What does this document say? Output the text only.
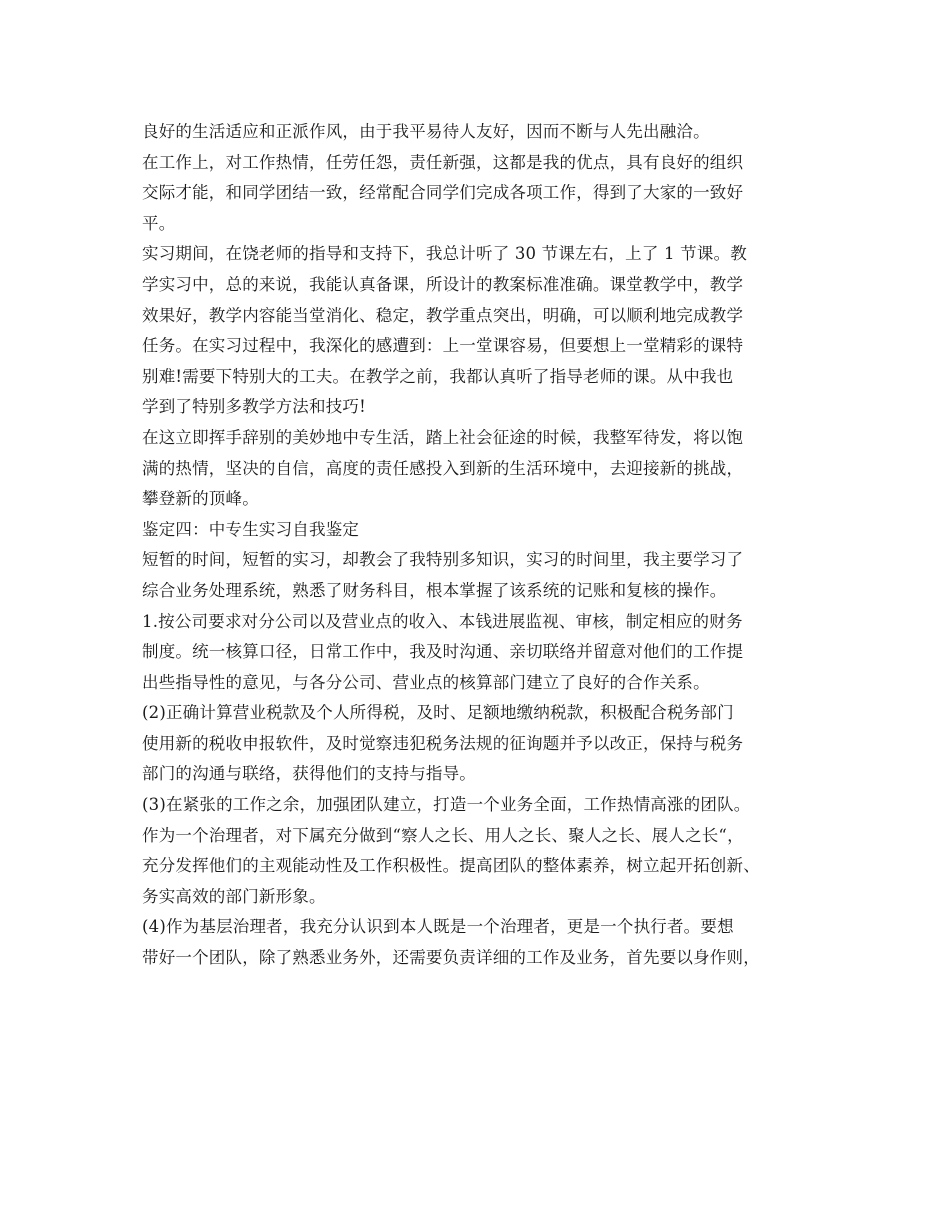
良好的生活适应和正派作风，由于我平易待人友好，因而不断与人先出融洽。
在工作上，对工作热情，任劳任怨，责任新强，这都是我的优点，具有良好的组织
交际才能，和同学团结一致，经常配合同学们完成各项工作，得到了大家的一致好
平。
实习期间，在饶老师的指导和支持下，我总计听了 30 节课左右，上了 1 节课。教
学实习中，总的来说，我能认真备课，所设计的教案标准准确。课堂教学中，教学
效果好，教学内容能当堂消化、稳定，教学重点突出，明确，可以顺利地完成教学
任务。在实习过程中，我深化的感遭到：上一堂课容易，但要想上一堂精彩的课特
别难!需要下特别大的工夫。在教学之前，我都认真听了指导老师的课。从中我也
学到了特别多教学方法和技巧!
在这立即挥手辞别的美妙地中专生活，踏上社会征途的时候，我整军待发，将以饱
满的热情，坚决的自信，高度的责任感投入到新的生活环境中，去迎接新的挑战，
攀登新的顶峰。
鉴定四：中专生实习自我鉴定
短暂的时间，短暂的实习，却教会了我特别多知识，实习的时间里，我主要学习了
综合业务处理系统，熟悉了财务科目，根本掌握了该系统的记账和复核的操作。
1.按公司要求对分公司以及营业点的收入、本钱进展监视、审核，制定相应的财务
制度。统一核算口径，日常工作中，我及时沟通、亲切联络并留意对他们的工作提
出些指导性的意见，与各分公司、营业点的核算部门建立了良好的合作关系。
(2)正确计算营业税款及个人所得税，及时、足额地缴纳税款，积极配合税务部门
使用新的税收申报软件，及时觉察违犯税务法规的征询题并予以改正，保持与税务
部门的沟通与联络，获得他们的支持与指导。
(3)在紧张的工作之余，加强团队建立，打造一个业务全面，工作热情高涨的团队。
作为一个治理者，对下属充分做到“察人之长、用人之长、聚人之长、展人之长“，
充分发挥他们的主观能动性及工作积极性。提高团队的整体素养，树立起开拓创新、
务实高效的部门新形象。
(4)作为基层治理者，我充分认识到本人既是一个治理者，更是一个执行者。要想
带好一个团队，除了熟悉业务外，还需要负责详细的工作及业务，首先要以身作则，
